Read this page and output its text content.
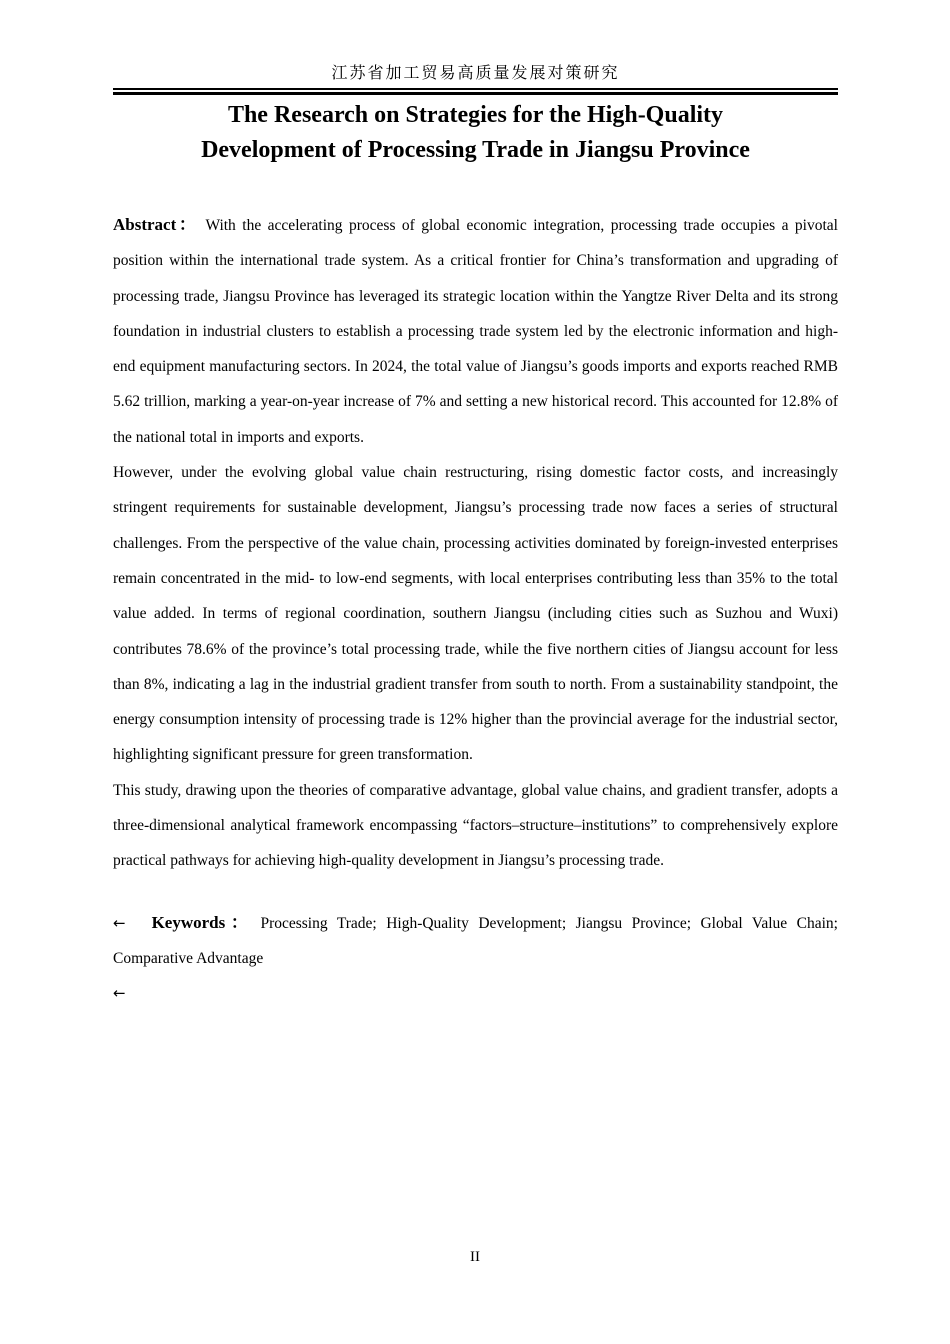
江苏省加工贸易高质量发展对策研究
The Research on Strategies for the High-Quality
Development of Processing Trade in Jiangsu Province

Abstract： With the accelerating process of global economic integration, processing trade occupies a pivotal position within the international trade system. As a critical frontier for China’s transformation and upgrading of processing trade, Jiangsu Province has leveraged its strategic location within the Yangtze River Delta and its strong foundation in industrial clusters to establish a processing trade system led by the electronic information and high-end equipment manufacturing sectors. In 2024, the total value of Jiangsu’s goods imports and exports reached RMB 5.62 trillion, marking a year-on-year increase of 7% and setting a new historical record. This accounted for 12.8% of the national total in imports and exports.

However, under the evolving global value chain restructuring, rising domestic factor costs, and increasingly stringent requirements for sustainable development, Jiangsu’s processing trade now faces a series of structural challenges. From the perspective of the value chain, processing activities dominated by foreign-invested enterprises remain concentrated in the mid- to low-end segments, with local enterprises contributing less than 35% to the total value added. In terms of regional coordination, southern Jiangsu (including cities such as Suzhou and Wuxi) contributes 78.6% of the province’s total processing trade, while the five northern cities of Jiangsu account for less than 8%, indicating a lag in the industrial gradient transfer from south to north. From a sustainability standpoint, the energy consumption intensity of processing trade is 12% higher than the provincial average for the industrial sector, highlighting significant pressure for green transformation.

This study, drawing upon the theories of comparative advantage, global value chains, and gradient transfer, adopts a three-dimensional analytical framework encompassing “factors–structure–institutions” to comprehensively explore practical pathways for achieving high-quality development in Jiangsu’s processing trade.

← Keywords： Processing Trade; High-Quality Development; Jiangsu Province; Global Value Chain; Comparative Advantage

←

II
